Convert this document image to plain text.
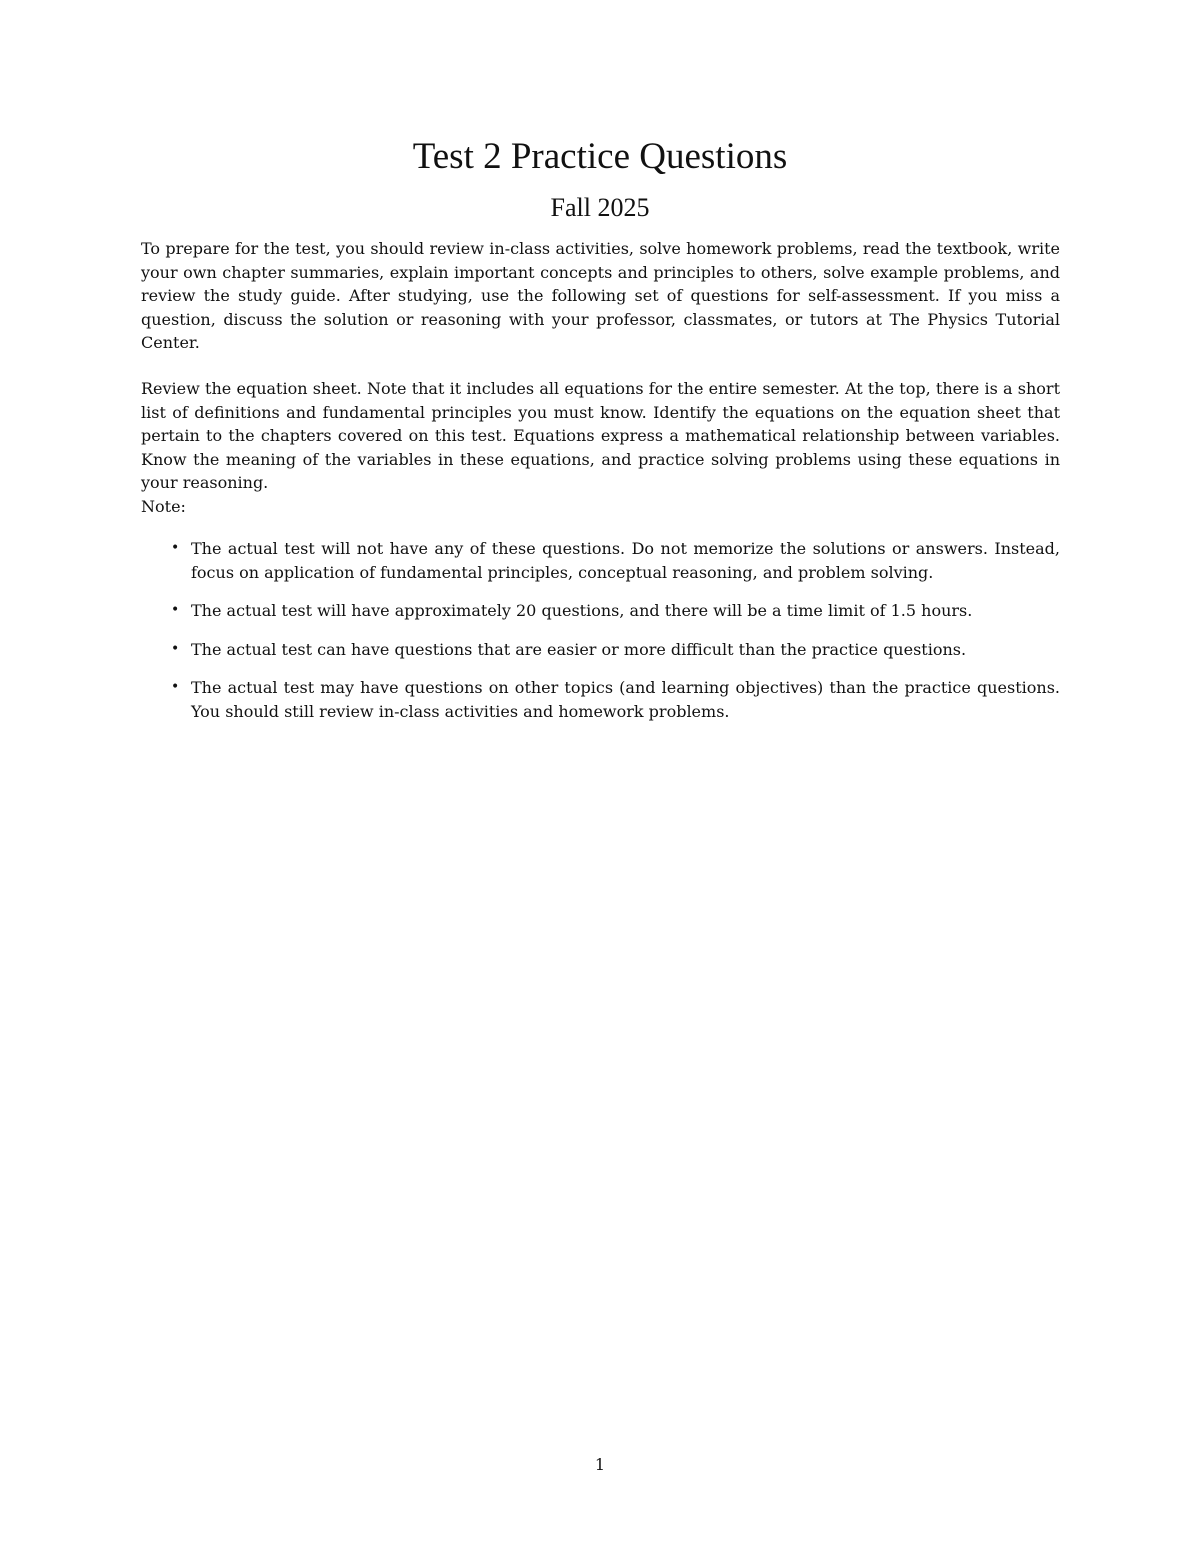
Test 2 Practice Questions

Fall 2025

To prepare for the test, you should review in-class activities, solve homework problems, read the textbook, write your own chapter summaries, explain important concepts and principles to others, solve example problems, and review the study guide. After studying, use the following set of questions for self-assessment. If you miss a question, discuss the solution or reasoning with your professor, classmates, or tutors at The Physics Tutorial Center.

Review the equation sheet. Note that it includes all equations for the entire semester. At the top, there is a short list of definitions and fundamental principles you must know. Identify the equations on the equation sheet that pertain to the chapters covered on this test. Equations express a mathematical relationship between variables. Know the meaning of the variables in these equations, and practice solving problems using these equations in your reasoning.

Note:

• The actual test will not have any of these questions. Do not memorize the solutions or answers. Instead, focus on application of fundamental principles, conceptual reasoning, and problem solving.
• The actual test will have approximately 20 questions, and there will be a time limit of 1.5 hours.
• The actual test can have questions that are easier or more difficult than the practice questions.
• The actual test may have questions on other topics (and learning objectives) than the practice questions. You should still review in-class activities and homework problems.

1
